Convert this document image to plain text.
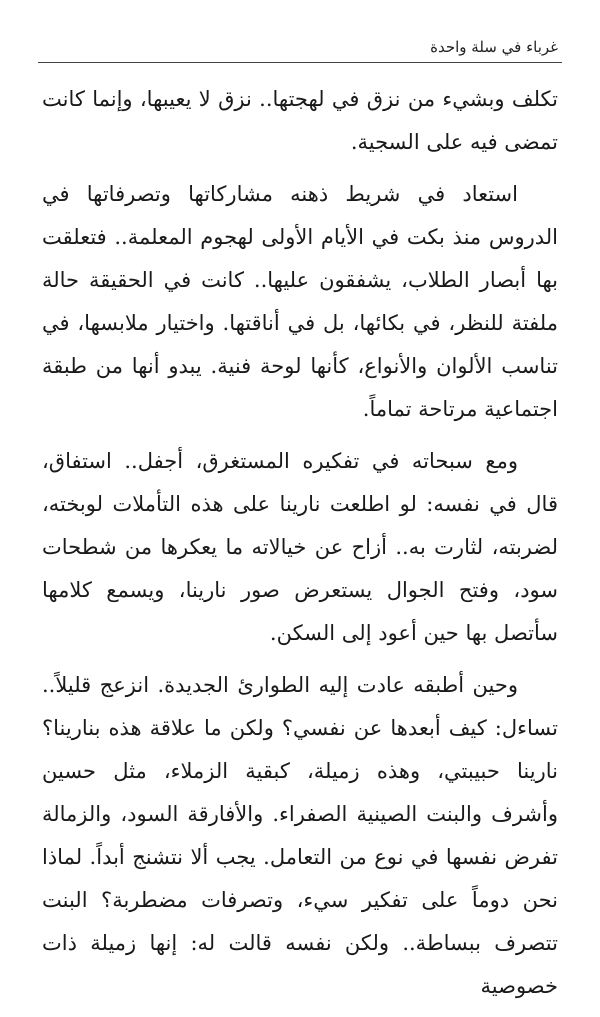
غرباء في سلة واحدة

تكلف وبشيء من نزق في لهجتها.. نزق لا يعيبها، وإنما كانت تمضى فيه على السجية.

استعاد في شريط ذهنه مشاركاتها وتصرفاتها في الدروس منذ بكت في الأيام الأولى لهجوم المعلمة.. فتعلقت بها أبصار الطلاب، يشفقون عليها.. كانت في الحقيقة حالة ملفتة للنظر، في بكائها، بل في أناقتها. واختيار ملابسها، في تناسب الألوان والأنواع، كأنها لوحة فنية. يبدو أنها من طبقة اجتماعية مرتاحة تماماً.

ومع سبحاته في تفكيره المستغرق، أجفل.. استفاق، قال في نفسه: لو اطلعت نارينا على هذه التأملات لوبخته، لضربته، لثارت به.. أزاح عن خيالاته ما يعكرها من شطحات سود، وفتح الجوال يستعرض صور نارينا، ويسمع كلامها سأتصل بها حين أعود إلى السكن.

وحين أطبقه عادت إليه الطوارئ الجديدة. انزعج قليلاً.. تساءل: كيف أبعدها عن نفسي؟ ولكن ما علاقة هذه بنارينا؟ نارينا حبيبتي، وهذه زميلة، كبقية الزملاء، مثل حسين وأشرف والبنت الصينية الصفراء. والأفارقة السود، والزمالة تفرض نفسها في نوع من التعامل. يجب ألا نتشنج أبداً. لماذا نحن دوماً على تفكير سيء، وتصرفات مضطربة؟ البنت تتصرف ببساطة.. ولكن نفسه قالت له: إنها زميلة ذات خصوصية
